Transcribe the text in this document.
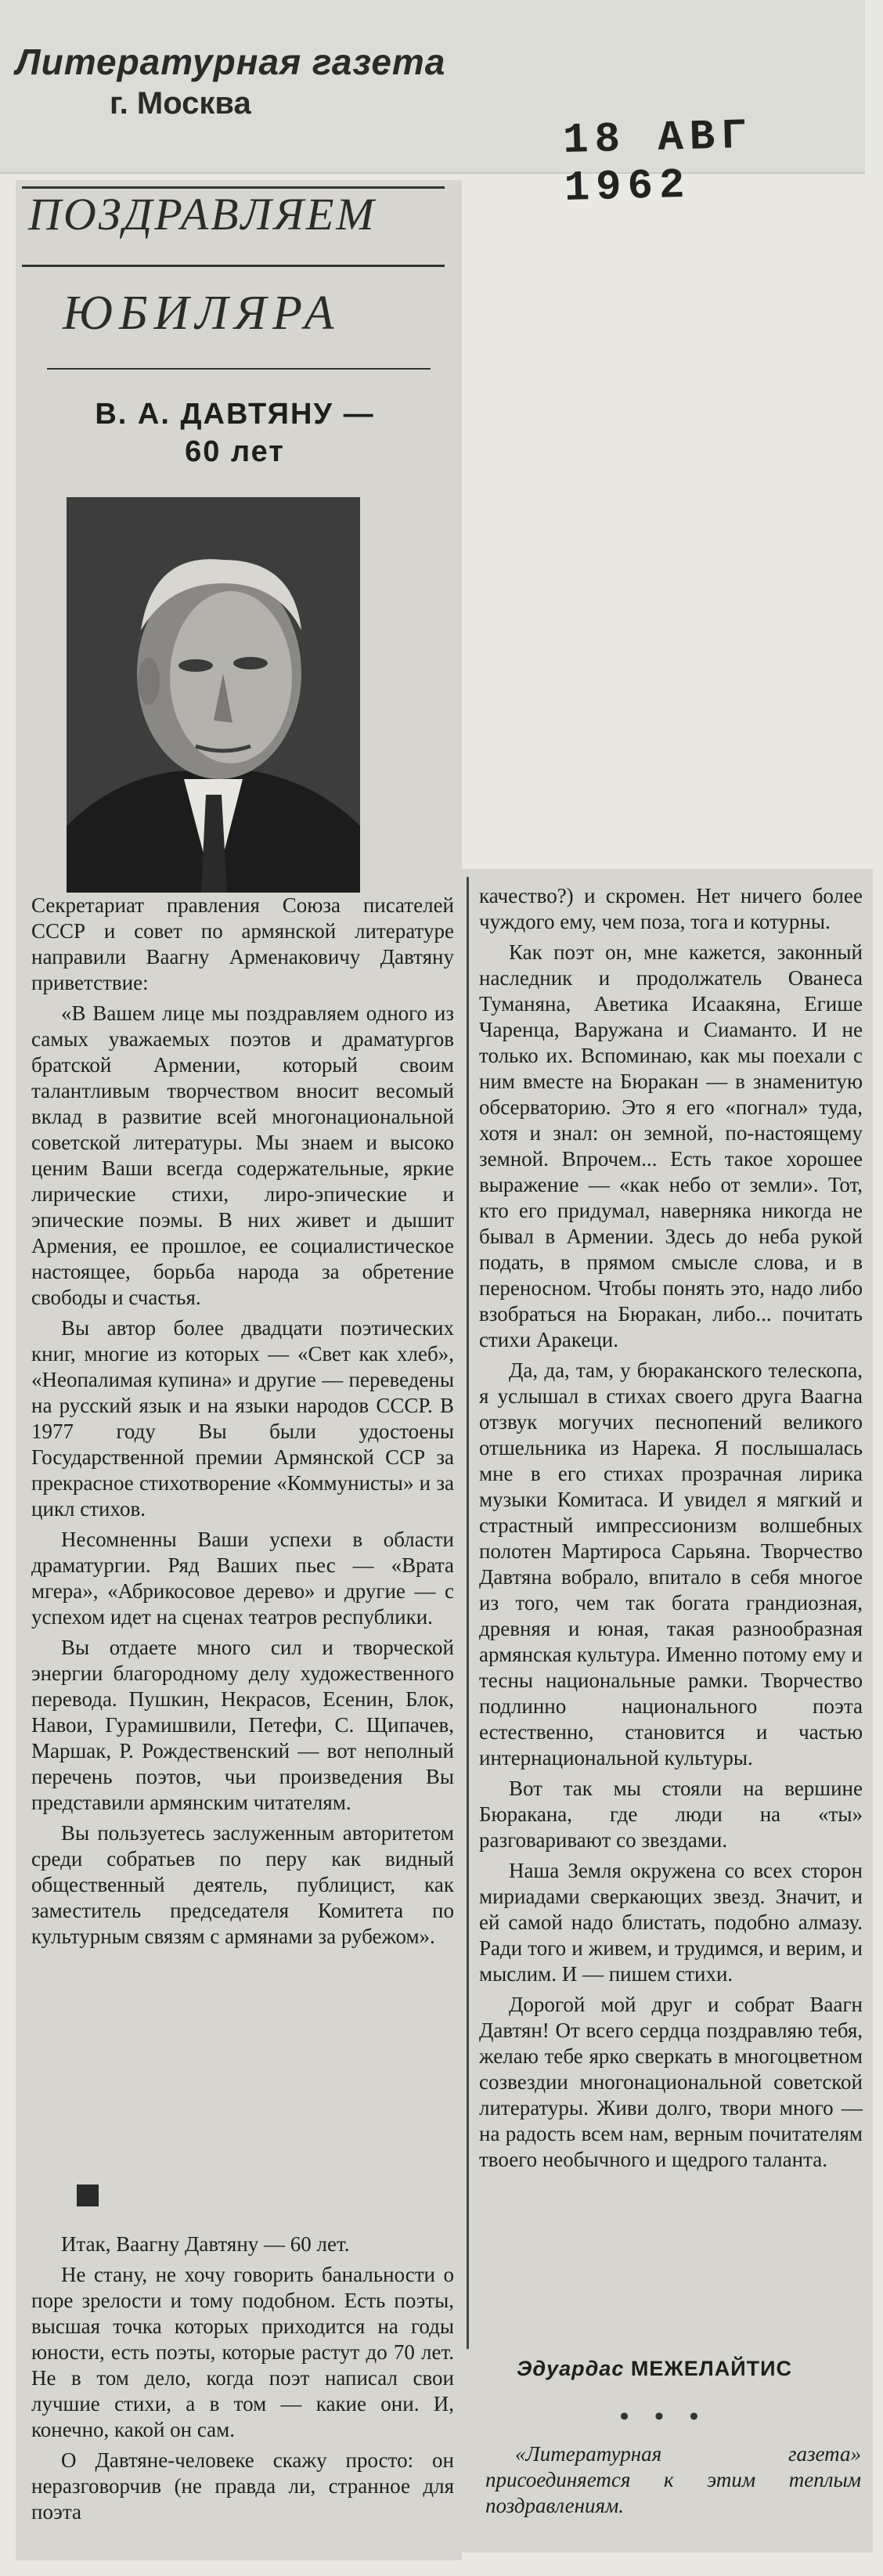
Литературная газета
г. Москва
18 АВГ 1962
ПОЗДРАВЛЯЕМ
ЮБИЛЯРА
В. А. ДАВТЯНУ —
60 лет

Секретариат правления Союза писателей СССР и совет по армянской литературе направили Ваагну Арменаковичу Давтяну приветствие:

«В Вашем лице мы поздравляем одного из самых уважаемых поэтов и драматургов братской Армении, который своим талантливым творчеством вносит весомый вклад в развитие всей многонациональной советской литературы. Мы знаем и высоко ценим Ваши всегда содержательные, яркие лирические стихи, лиро-эпические и эпические поэмы. В них живет и дышит Армения, ее прошлое, ее социалистическое настоящее, борьба народа за обретение свободы и счастья.

Вы автор более двадцати поэтических книг, многие из которых — «Свет как хлеб», «Неопалимая купина» и другие — переведены на русский язык и на языки народов СССР. В 1977 году Вы были удостоены Государственной премии Армянской ССР за прекрасное стихотворение «Коммунисты» и за цикл стихов.

Несомненны Ваши успехи в области драматургии. Ряд Ваших пьес — «Врата мгера», «Абрикосовое дерево» и другие — с успехом идет на сценах театров республики.

Вы отдаете много сил и творческой энергии благородному делу художественного перевода. Пушкин, Некрасов, Есенин, Блок, Навои, Гурамишвили, Петефи, С. Щипачев, Маршак, Р. Рождественский — вот неполный перечень поэтов, чьи произведения Вы представили армянским читателям.

Вы пользуетесь заслуженным авторитетом среди собратьев по перу как видный общественный деятель, публицист, как заместитель председателя Комитета по культурным связям с армянами за рубежом».

Итак, Ваагну Давтяну — 60 лет.

Не стану, не хочу говорить банальности о поре зрелости и тому подобном. Есть поэты, высшая точка которых приходится на годы юности, есть поэты, которые растут до 70 лет. Не в том дело, когда поэт написал свои лучшие стихи, а в том — какие они. И, конечно, какой он сам.

О Давтяне-человеке скажу просто: он неразговорчив (не правда ли, странное для поэта

качество?) и скромен. Нет ничего более чуждого ему, чем поза, тога и котурны.

Как поэт он, мне кажется, законный наследник и продолжатель Ованеса Туманяна, Аветика Исаакяна, Егише Чаренца, Варужана и Сиаманто. И не только их. Вспоминаю, как мы поехали с ним вместе на Бюракан — в знаменитую обсерваторию. Это я его «погнал» туда, хотя и знал: он земной, по-настоящему земной. Впрочем... Есть такое хорошее выражение — «как небо от земли». Тот, кто его придумал, наверняка никогда не бывал в Армении. Здесь до неба рукой подать, в прямом смысле слова, и в переносном. Чтобы понять это, надо либо взобраться на Бюракан, либо... почитать стихи Аракеци.

Да, да, там, у бюраканского телескопа, я услышал в стихах своего друга Ваагна отзвук могучих песнопений великого отшельника из Нарека. Я послышалась мне в его стихах прозрачная лирика музыки Комитаса. И увидел я мягкий и страстный импрессионизм волшебных полотен Мартироса Сарьяна. Творчество Давтяна вобрало, впитало в себя многое из того, чем так богата грандиозная, древняя и юная, такая разнообразная армянская культура. Именно потому ему и тесны национальные рамки. Творчество подлинно национального поэта естественно, становится и частью интернациональной культуры.

Вот так мы стояли на вершине Бюракана, где люди на «ты» разговаривают со звездами.

Наша Земля окружена со всех сторон мириадами сверкающих звезд. Значит, и ей самой надо блистать, подобно алмазу. Ради того и живем, и трудимся, и верим, и мыслим. И — пишем стихи.

Дорогой мой друг и собрат Ваагн Давтян! От всего сердца поздравляю тебя, желаю тебе ярко сверкать в многоцветном созвездии многонациональной советской литературы. Живи долго, твори много — на радость всем нам, верным почитателям твоего необычного и щедрого таланта.

Эдуардас МЕЖЕЛАЙТИС
• • •
«Литературная газета» присоединяется к этим теплым поздравлениям.
